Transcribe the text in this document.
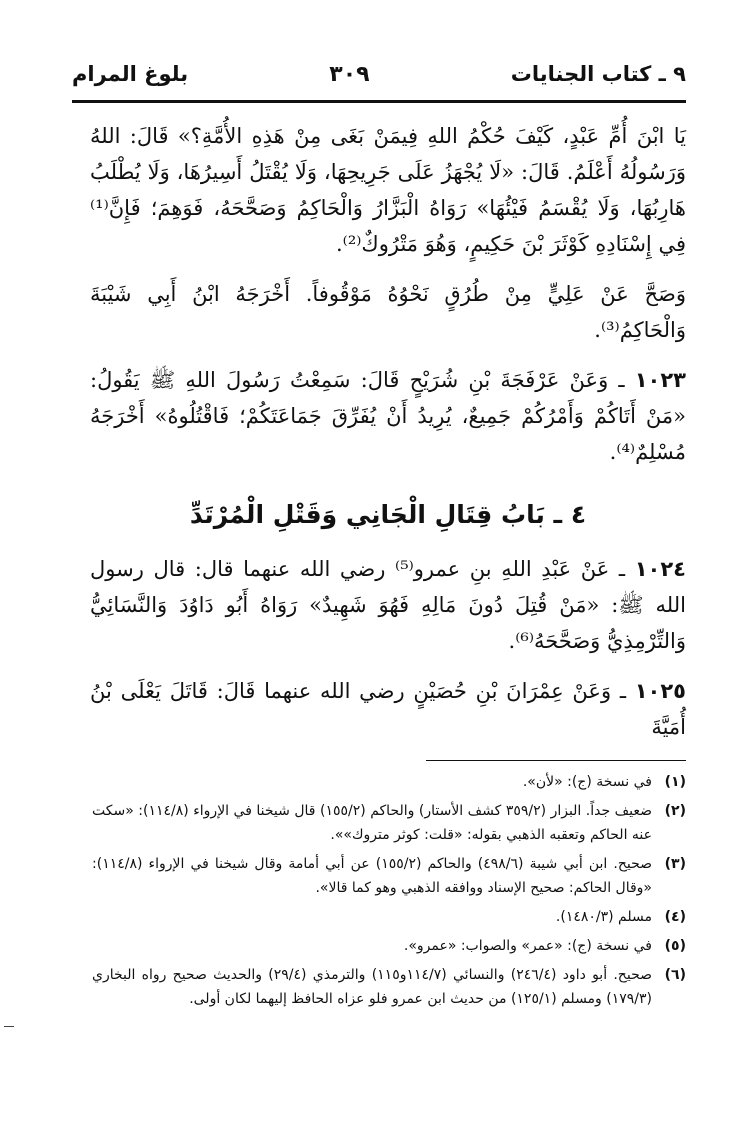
٩ ـ كتاب الجنايات
٣٠٩
بلوغ المرام

يَا ابْنَ أُمِّ عَبْدٍ، كَيْفَ حُكْمُ اللهِ فِيمَنْ بَغَى مِنْ هَذِهِ الأُمَّةِ؟» قَالَ: اللهُ وَرَسُولُهُ أَعْلَمُ. قَالَ: «لَا يُجْهَزُ عَلَى جَرِيحِهَا، وَلَا يُقْتَلُ أَسِيرُهَا، وَلَا يُطْلَبُ هَارِبُهَا، وَلَا يُقْسَمُ فَيْئُهَا» رَوَاهُ الْبَزَّارُ وَالْحَاكِمُ وَصَحَّحَهُ، فَوَهِمَ؛ فَإِنَّ⁽¹⁾ فِي إِسْنَادِهِ كَوْثَرَ بْنَ حَكِيمٍ، وَهُوَ مَتْرُوكٌ⁽²⁾.

وَصَحَّ عَنْ عَلِيٍّ مِنْ طُرُقٍ نَحْوُهُ مَوْقُوفاً. أَخْرَجَهُ ابْنُ أَبِي شَيْبَةَ وَالْحَاكِمُ⁽³⁾.

١٠٢٣ ـ وَعَنْ عَرْفَجَةَ بْنِ شُرَيْحٍ قَالَ: سَمِعْتُ رَسُولَ اللهِ ﷺ يَقُولُ: «مَنْ أَتَاكُمْ وَأَمْرُكُمْ جَمِيعٌ، يُرِيدُ أَنْ يُفَرِّقَ جَمَاعَتَكُمْ؛ فَاقْتُلُوهُ» أَخْرَجَهُ مُسْلِمٌ⁽⁴⁾.

٤ ـ بَابُ قِتَالِ الْجَانِي وَقَتْلِ الْمُرْتَدِّ

١٠٢٤ ـ عَنْ عَبْدِ اللهِ بنِ عمرو⁽⁵⁾ رضي الله عنهما قال: قال رسول الله ﷺ: «مَنْ قُتِلَ دُونَ مَالِهِ فَهُوَ شَهِيدٌ» رَوَاهُ أَبُو دَاوُدَ وَالنَّسَائِيُّ وَالتِّرْمِذِيُّ وَصَحَّحَهُ⁽⁶⁾.

١٠٢٥ ـ وَعَنْ عِمْرَانَ بْنِ حُصَيْنٍ رضي الله عنهما قَالَ: قَاتَلَ يَعْلَى بْنُ أُمَيَّةَ

(١)
في نسخة (ج): «لأن».
(٢)
ضعيف جداً. البزار (٣٥٩/٢ كشف الأستار) والحاكم (١٥٥/٢) قال شيخنا في الإرواء (١١٤/٨): «سكت عنه الحاكم وتعقبه الذهبي بقوله: «قلت: كوثر متروك»».
(٣)
صحيح. ابن أبي شيبة (٤٩٨/٦) والحاكم (١٥٥/٢) عن أبي أمامة وقال شيخنا في الإرواء (١١٤/٨): «وقال الحاكم: صحيح الإسناد ووافقه الذهبي وهو كما قالا».
(٤)
مسلم (١٤٨٠/٣).
(٥)
في نسخة (ج): «عمر» والصواب: «عمرو».
(٦)
صحيح. أبو داود (٢٤٦/٤) والنسائي (١١٤/٧و١١٥) والترمذي (٢٩/٤) والحديث صحيح رواه البخاري (١٧٩/٣) ومسلم (١٢٥/١) من حديث ابن عمرو فلو عزاه الحافظ إليهما لكان أولى.
